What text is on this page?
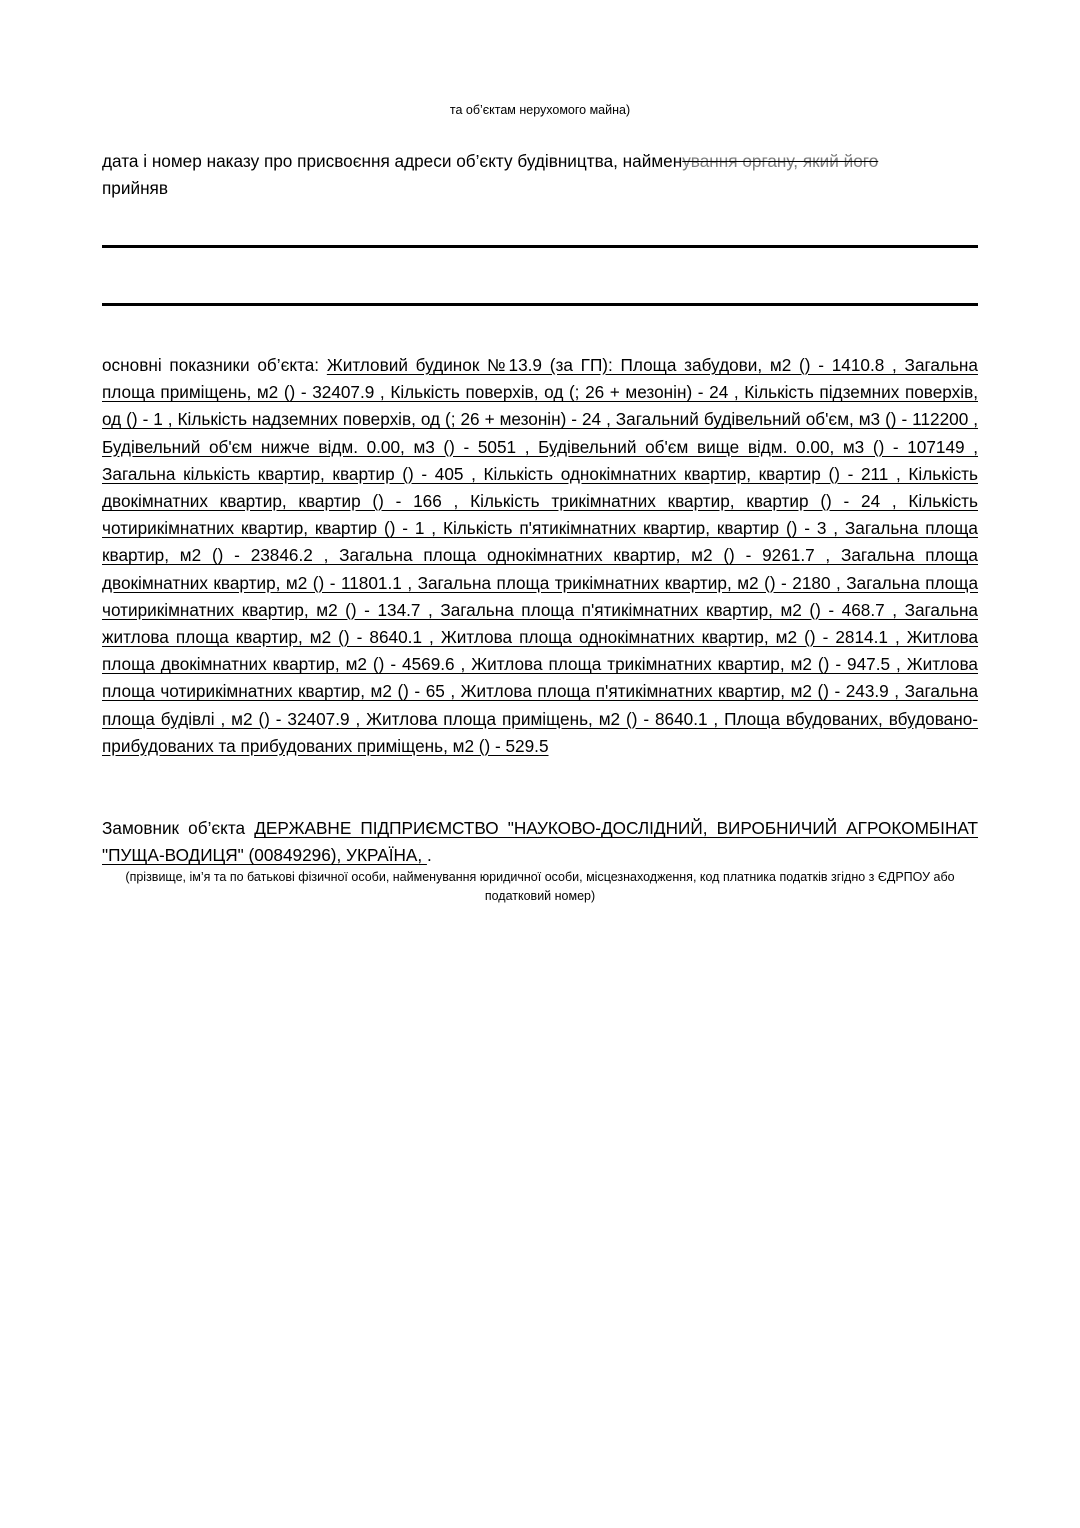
та об’єктам нерухомого майна)
дата і номер наказу про присвоєння адреси об’єкту будівництва, найменування органу, який його
прийняв
основні показники об’єкта: Житловий будинок №13.9 (за ГП): Площа забудови, м2 () - 1410.8 , Загальна площа приміщень, м2 () - 32407.9 , Кількість поверхів, од (; 26 + мезонін) - 24 , Кількість підземних поверхів, од () - 1 , Кількість надземних поверхів, од (; 26 + мезонін) - 24 , Загальний будівельний об'єм, м3 () - 112200 , Будівельний об'єм нижче відм. 0.00, м3 () - 5051 , Будівельний об'єм вище відм. 0.00, м3 () - 107149 , Загальна кількість квартир, квартир () - 405 , Кількість однокімнатних квартир, квартир () - 211 , Кількість двокімнатних квартир, квартир () - 166 , Кількість трикімнатних квартир, квартир () - 24 , Кількість чотирикімнатних квартир, квартир () - 1 , Кількість п'ятикімнатних квартир, квартир () - 3 , Загальна площа квартир, м2 () - 23846.2 , Загальна площа однокімнатних квартир, м2 () - 9261.7 , Загальна площа двокімнатних квартир, м2 () - 11801.1 , Загальна площа трикімнатних квартир, м2 () - 2180 , Загальна площа чотирикімнатних квартир, м2 () - 134.7 , Загальна площа п'ятикімнатних квартир, м2 () - 468.7 , Загальна житлова площа квартир, м2 () - 8640.1 , Житлова площа однокімнатних квартир, м2 () - 2814.1 , Житлова площа двокімнатних квартир, м2 () - 4569.6 , Житлова площа трикімнатних квартир, м2 () - 947.5 , Житлова площа чотирикімнатних квартир, м2 () - 65 , Житлова площа п'ятикімнатних квартир, м2 () - 243.9 , Загальна площа будівлі , м2 () - 32407.9 , Житлова площа приміщень, м2 () - 8640.1 , Площа вбудованих, вбудовано-прибудованих та прибудованих приміщень, м2 () - 529.5
Замовник об’єкта ДЕРЖАВНЕ ПІДПРИЄМСТВО "НАУКОВО-ДОСЛІДНИЙ, ВИРОБНИЧИЙ АГРОКОМБІНАТ "ПУЩА-ВОДИЦЯ" (00849296), УКРАЇНА, .
(прізвище, ім’я та по батькові фізичної особи, найменування юридичної особи, місцезнаходження, код платника податків згідно з ЄДРПОУ або податковий номер)
